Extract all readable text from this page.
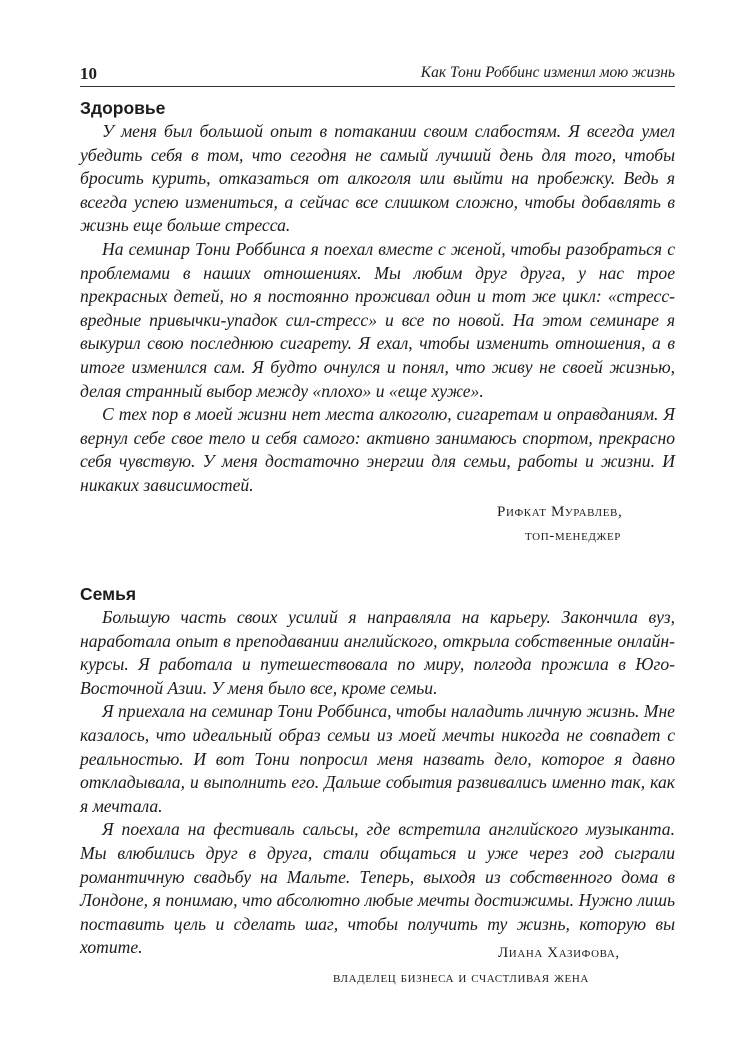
10	Как Тони Роббинс изменил мою жизнь
Здоровье

У меня был большой опыт в потакании своим слабостям. Я всегда умел убедить себя в том, что сегодня не самый лучший день для того, чтобы бросить курить, отказаться от алкоголя или выйти на пробежку. Ведь я всегда успею измениться, а сейчас все слишком сложно, чтобы добавлять в жизнь еще больше стресса.

На семинар Тони Роббинса я поехал вместе с женой, чтобы разобраться с проблемами в наших отношениях. Мы любим друг друга, у нас трое прекрасных детей, но я постоянно проживал один и тот же цикл: «стресс-вредные привычки-упадок сил-стресс» и все по новой. На этом семинаре я выкурил свою последнюю сигарету. Я ехал, чтобы изменить отношения, а в итоге изменился сам. Я будто очнулся и понял, что живу не своей жизнью, делая странный выбор между «плохо» и «еще хуже».

С тех пор в моей жизни нет места алкоголю, сигаретам и оправданиям. Я вернул себе свое тело и себя самого: активно занимаюсь спортом, прекрасно себя чувствую. У меня достаточно энергии для семьи, работы и жизни. И никаких зависимостей.

Рифкат Муравлев,
топ-менеджер
Семья

Большую часть своих усилий я направляла на карьеру. Закончила вуз, наработала опыт в преподавании английского, открыла собственные онлайн-курсы. Я работала и путешествовала по миру, полгода прожила в Юго-Восточной Азии. У меня было все, кроме семьи.

Я приехала на семинар Тони Роббинса, чтобы наладить личную жизнь. Мне казалось, что идеальный образ семьи из моей мечты никогда не совпадет с реальностью. И вот Тони попросил меня назвать дело, которое я давно откладывала, и выполнить его. Дальше события развивались именно так, как я мечтала.

Я поехала на фестиваль сальсы, где встретила английского музыканта. Мы влюбились друг в друга, стали общаться и уже через год сыграли романтичную свадьбу на Мальте. Теперь, выходя из собственного дома в Лондоне, я понимаю, что абсолютно любые мечты достижимы. Нужно лишь поставить цель и сделать шаг, чтобы получить ту жизнь, которую вы хотите.	Лиана Хазифова,
владелец бизнеса и счастливая жена
